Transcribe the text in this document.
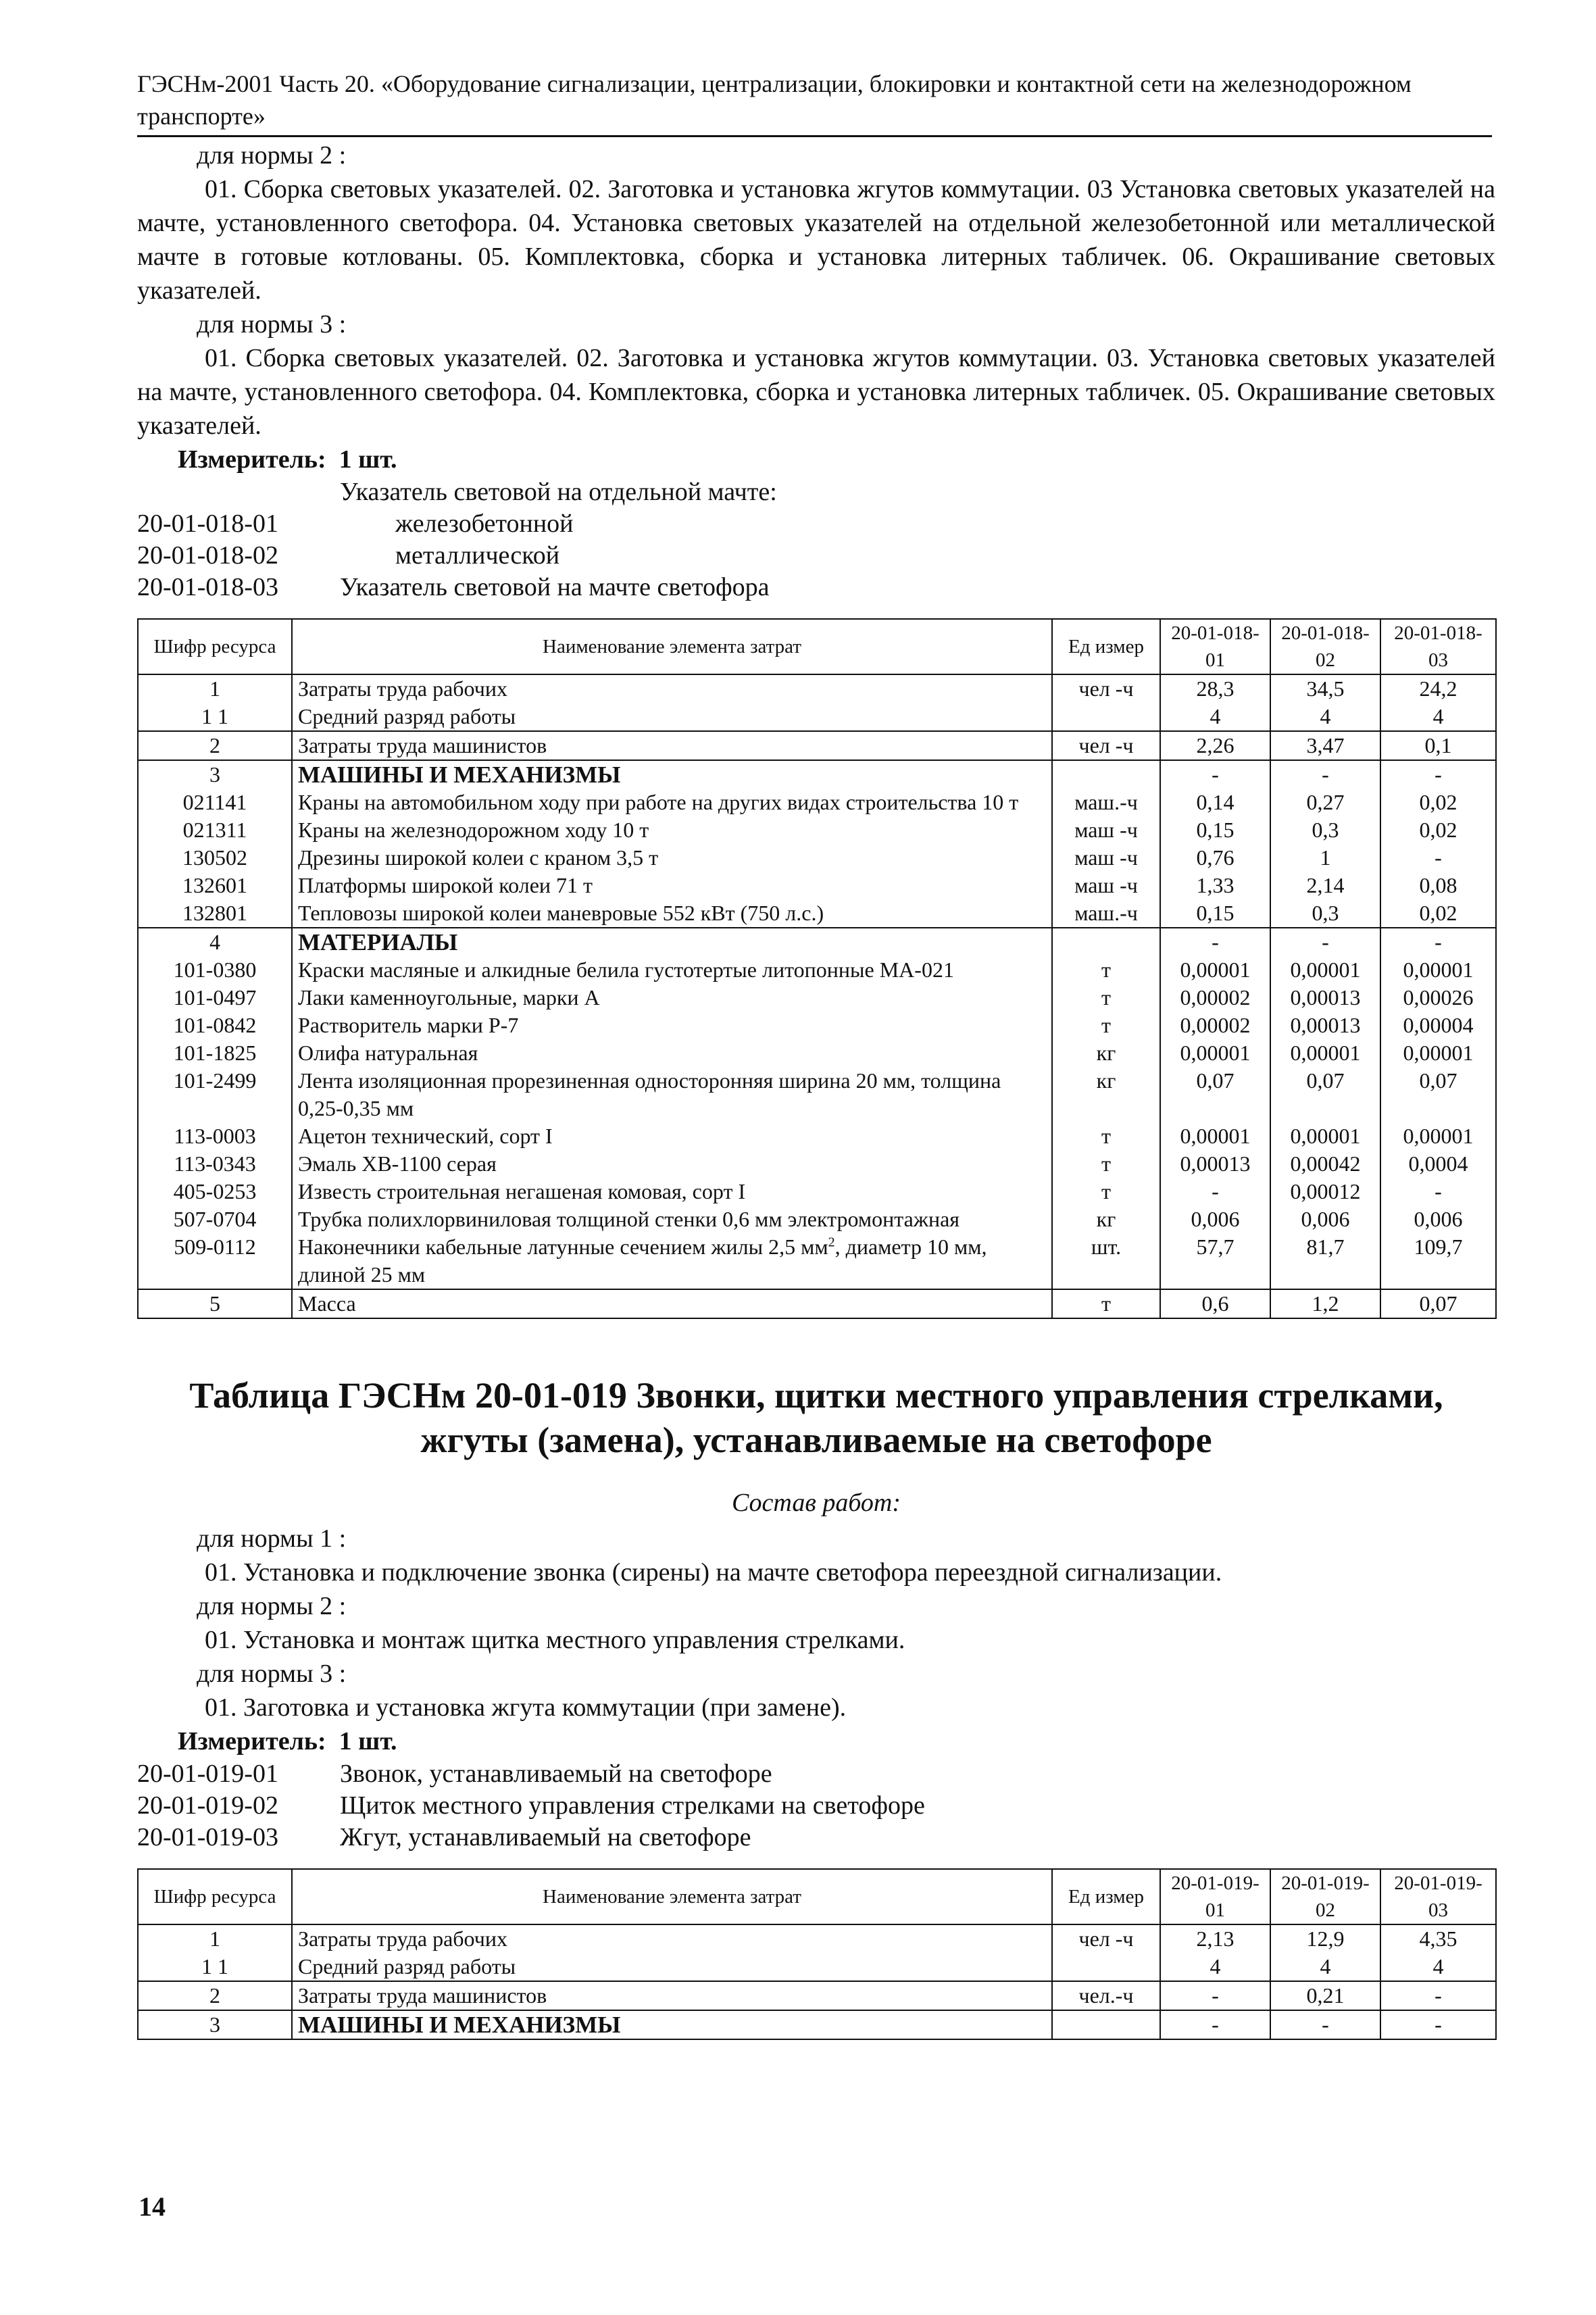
ГЭСНм-2001 Часть 20. «Оборудование сигнализации, централизации, блокировки и контактной сети на железнодорожном транспорте»

для нормы 2 :

01. Сборка световых указателей. 02. Заготовка и установка жгутов коммутации. 03 Установка световых указателей на мачте, установленного светофора. 04. Установка световых указателей на отдельной железобетонной или металлической мачте в готовые котлованы. 05. Комплектовка, сборка и установка литерных табличек. 06. Окрашивание световых указателей.

для нормы 3 :

01. Сборка световых указателей. 02. Заготовка и установка жгутов коммутации. 03. Установка световых указателей на мачте, установленного светофора. 04. Комплектовка, сборка и установка литерных табличек. 05. Окрашивание световых указателей.

Измеритель: 1 шт.

Указатель световой на отдельной мачте:
20-01-018-01	железобетонной
20-01-018-02	металлической
20-01-018-03	Указатель световой на мачте светофора
Шифр ресурса	Наименование элемента затрат	Ед измер	20-01-018-01	20-01-018-02	20-01-018-03
1	Затраты труда рабочих	чел -ч	28,3	34,5	24,2
1 1	Средний разряд работы		4	4	4
2	Затраты труда машинистов	чел -ч	2,26	3,47	0,1
3	МАШИНЫ И МЕХАНИЗМЫ		-	-	-
021141	Краны на автомобильном ходу при работе на других видах строительства 10 т	маш.-ч	0,14	0,27	0,02
021311	Краны на железнодорожном ходу 10 т	маш -ч	0,15	0,3	0,02
130502	Дрезины широкой колеи с краном 3,5 т	маш -ч	0,76	1	-
132601	Платформы широкой колеи 71 т	маш -ч	1,33	2,14	0,08
132801	Тепловозы широкой колеи маневровые 552 кВт (750 л.с.)	маш.-ч	0,15	0,3	0,02
4	МАТЕРИАЛЫ		-	-	-
101-0380	Краски масляные и алкидные белила густотертые литопонные МА-021	т	0,00001	0,00001	0,00001
101-0497	Лаки каменноугольные, марки А	т	0,00002	0,00013	0,00026
101-0842	Растворитель марки Р-7	т	0,00002	0,00013	0,00004
101-1825	Олифа натуральная	кг	0,00001	0,00001	0,00001
101-2499	Лента изоляционная прорезиненная односторонняя ширина 20 мм, толщина 0,25-0,35 мм	кг	0,07	0,07	0,07
113-0003	Ацетон технический, сорт I	т	0,00001	0,00001	0,00001
113-0343	Эмаль ХВ-1100 серая	т	0,00013	0,00042	0,0004
405-0253	Известь строительная негашеная комовая, сорт I	т	-	0,00012	-
507-0704	Трубка полихлорвиниловая толщиной стенки 0,6 мм электромонтажная	кг	0,006	0,006	0,006
509-0112	Наконечники кабельные латунные сечением жилы 2,5 $мм^2$, диаметр 10 мм, длиной 25 мм	шт.	57,7	81,7	109,7
5	Масса	т	0,6	1,2	0,07
Таблица ГЭСНм 20-01-019 Звонки, щитки местного управления стрелками, жгуты (замена), устанавливаемые на светофоре
Состав работ:

для нормы 1 :

01. Установка и подключение звонка (сирены) на мачте светофора переездной сигнализации.

для нормы 2 :

01. Установка и монтаж щитка местного управления стрелками.

для нормы 3 :

01. Заготовка и установка жгута коммутации (при замене).

Измеритель: 1 шт.

20-01-019-01	Звонок, устанавливаемый на светофоре
20-01-019-02	Щиток местного управления стрелками на светофоре
20-01-019-03	Жгут, устанавливаемый на светофоре
Шифр ресурса	Наименование элемента затрат	Ед измер	20-01-019-01	20-01-019-02	20-01-019-03
1	Затраты труда рабочих	чел -ч	2,13	12,9	4,35
1 1	Средний разряд работы		4	4	4
2	Затраты труда машинистов	чел.-ч	-	0,21	-
3	МАШИНЫ И МЕХАНИЗМЫ		-	-	-
14
